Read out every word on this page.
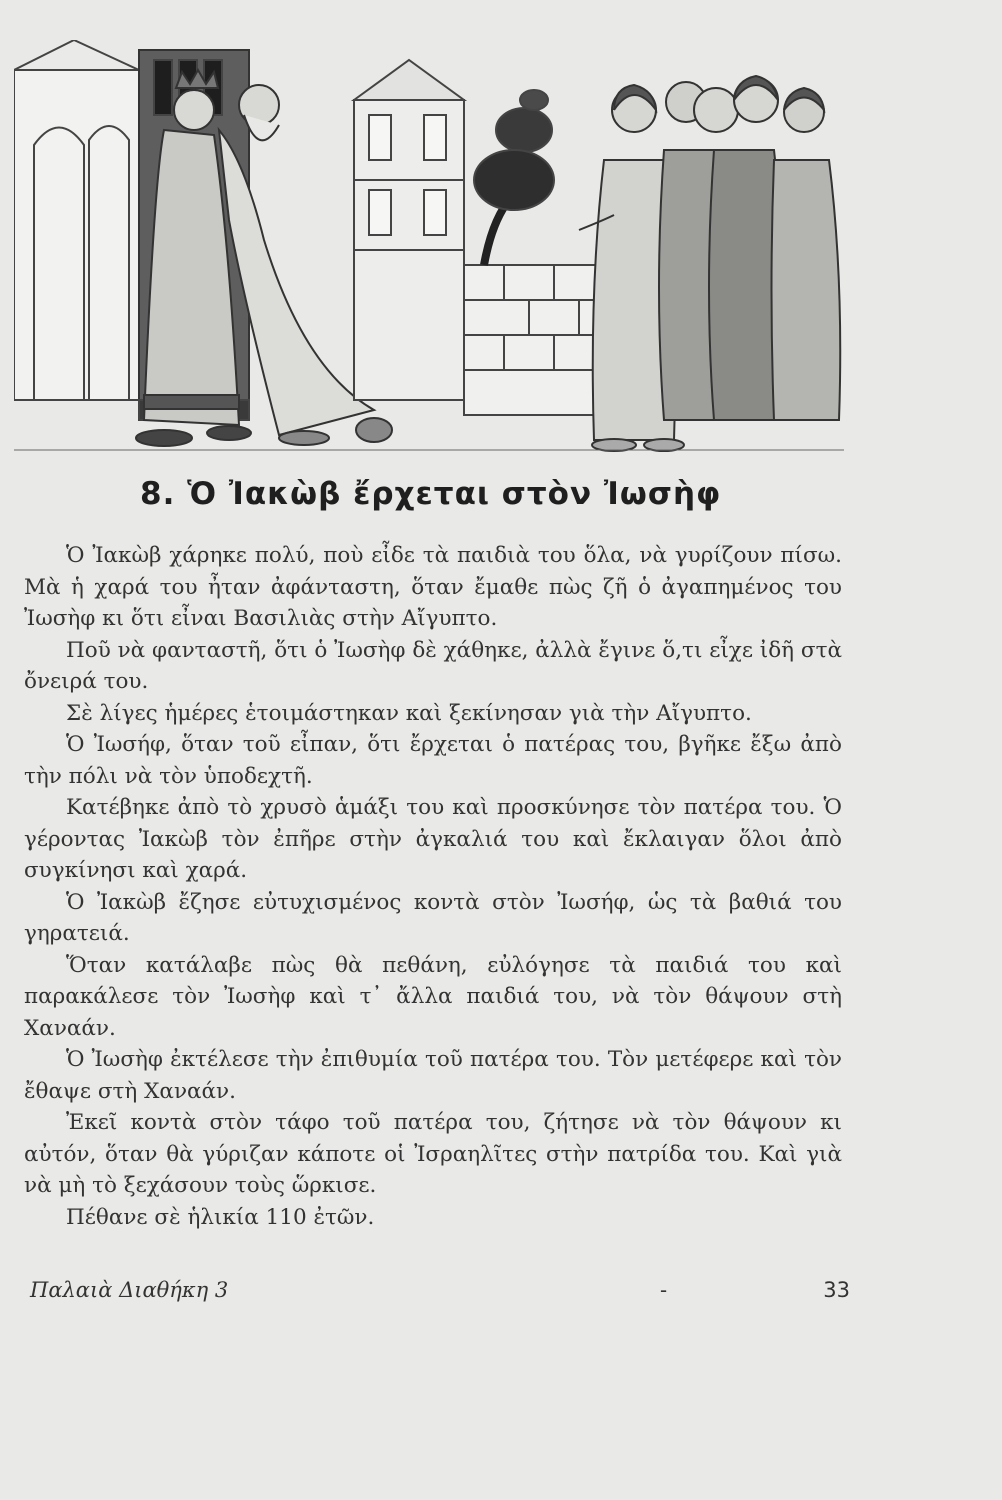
8. Ὁ Ἰακὼβ ἔρχεται στὸν Ἰωσὴφ

Ὁ Ἰακὼβ χάρηκε πολύ, ποὺ εἶδε τὰ παιδιὰ του ὅλα, νὰ γυρίζουν πίσω. Μὰ ἡ χαρά του ἦταν ἀφάνταστη, ὅταν ἔμαθε πὼς ζῆ ὁ ἀγαπημένος του Ἰωσὴφ κι ὅτι εἶναι Βασιλιὰς στὴν Αἴγυπτο.

Ποῦ νὰ φανταστῆ, ὅτι ὁ Ἰωσὴφ δὲ χάθηκε, ἀλλὰ ἔγινε ὅ,τι εἶχε ἰδῆ στὰ ὄνειρά του.

Σὲ λίγες ἡμέρες ἑτοιμάστηκαν καὶ ξεκίνησαν γιὰ τὴν Αἴγυπτο.

Ὁ Ἰωσήφ, ὅταν τοῦ εἶπαν, ὅτι ἔρχεται ὁ πατέρας του, βγῆκε ἔξω ἀπὸ τὴν πόλι νὰ τὸν ὑποδεχτῆ.

Κατέβηκε ἀπὸ τὸ χρυσὸ ἁμάξι του καὶ προσκύνησε τὸν πατέρα του. Ὁ γέροντας Ἰακὼβ τὸν ἐπῆρε στὴν ἀγκαλιά του καὶ ἔκλαιγαν ὅλοι ἀπὸ συγκίνησι καὶ χαρά.

Ὁ Ἰακὼβ ἔζησε εὐτυχισμένος κοντὰ στὸν Ἰωσήφ, ὡς τὰ βαθιά του γηρατειά.

Ὅταν κατάλαβε πὼς θὰ πεθάνη, εὐλόγησε τὰ παιδιά του καὶ παρακάλεσε τὸν Ἰωσὴφ καὶ τ᾽ ἄλλα παιδιά του, νὰ τὸν θάψουν στὴ Χαναάν.

Ὁ Ἰωσὴφ ἐκτέλεσε τὴν ἐπιθυμία τοῦ πατέρα του. Τὸν μετέφερε καὶ τὸν ἔθαψε στὴ Χαναάν.

Ἐκεῖ κοντὰ στὸν τάφο τοῦ πατέρα του, ζήτησε νὰ τὸν θάψουν κι αὐτόν, ὅταν θὰ γύριζαν κάποτε οἱ Ἰσραηλῖτες στὴν πατρίδα του. Καὶ γιὰ νὰ μὴ τὸ ξεχάσουν τοὺς ὥρκισε.

Πέθανε σὲ ἡλικία 110 ἐτῶν.

Παλαιὰ Διαθήκη 3	-	33
